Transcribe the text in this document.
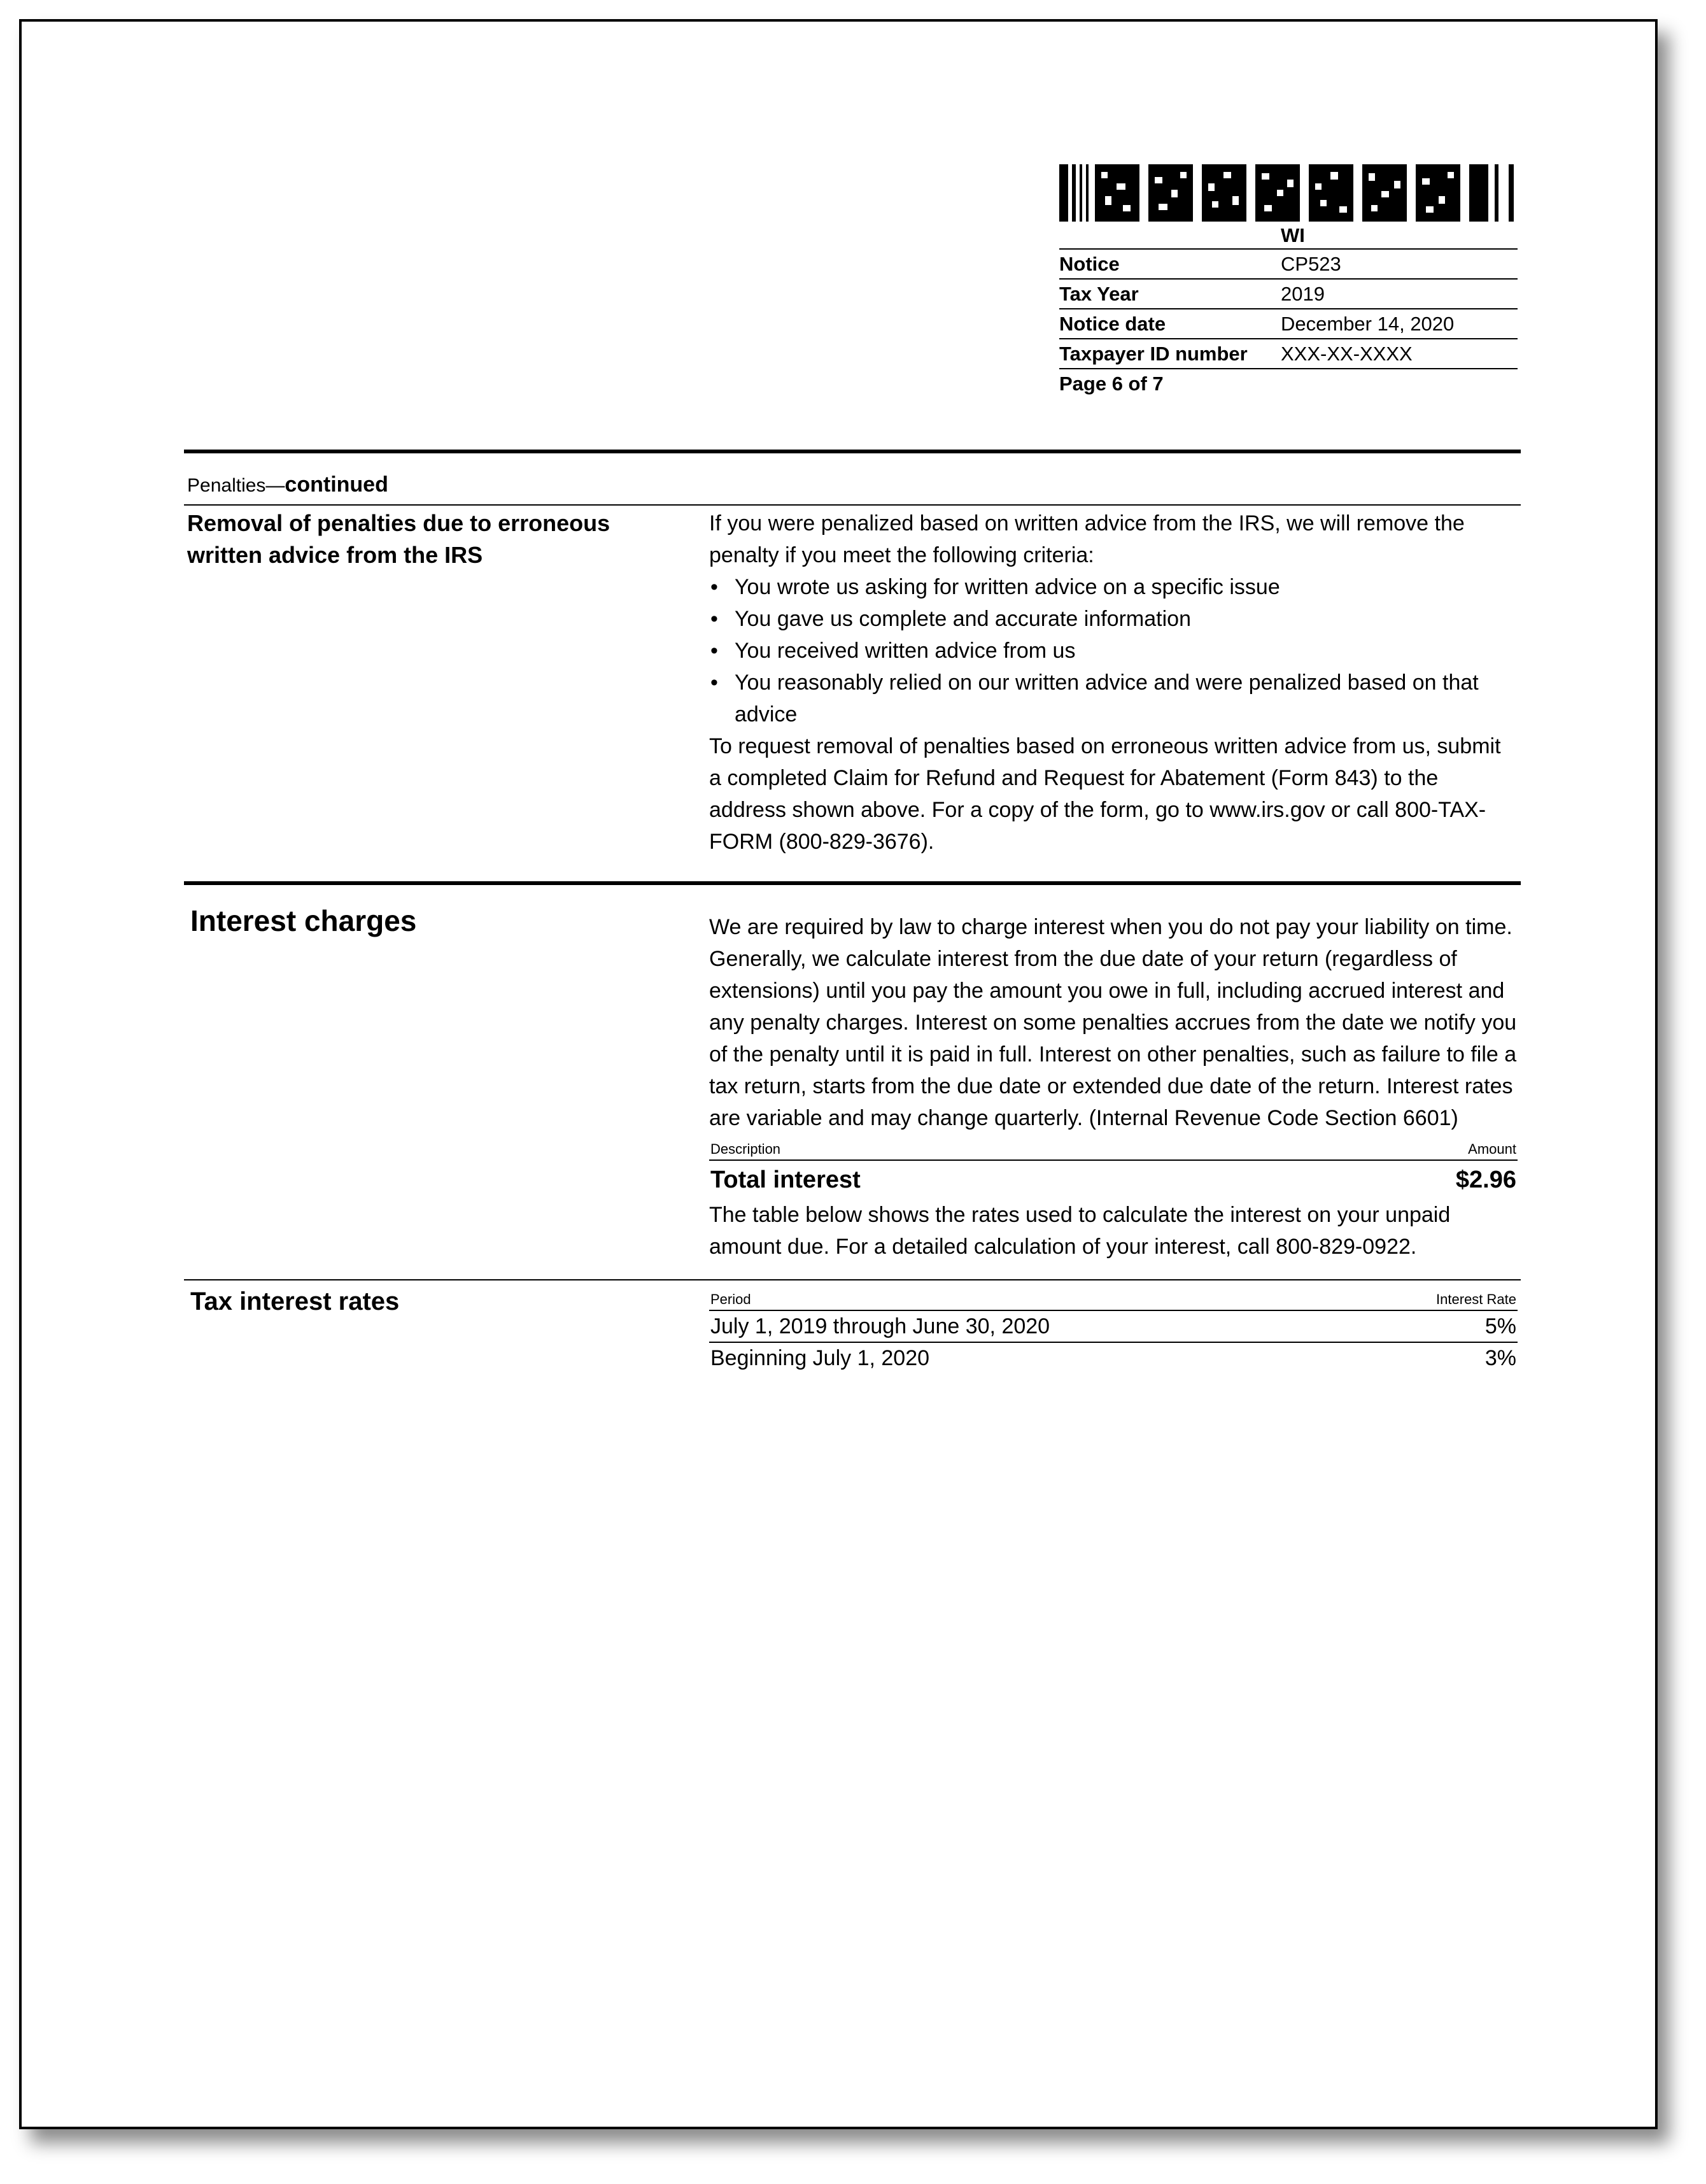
WI
Notice	CP523
Tax Year	2019
Notice date	December 14, 2020
Taxpayer ID number	XXX-XX-XXXX
Page 6 of 7
Penalties—continued
Removal of penalties due to erroneous written advice from the IRS

If you were penalized based on written advice from the IRS, we will remove the penalty if you meet the following criteria:

• You wrote us asking for written advice on a specific issue
• You gave us complete and accurate information
• You received written advice from us
• You reasonably relied on our written advice and were penalized based on that advice

To request removal of penalties based on erroneous written advice from us, submit a completed Claim for Refund and Request for Abatement (Form 843) to the address shown above. For a copy of the form, go to www.irs.gov or call 800-TAX-FORM (800-829-3676).

Interest charges	We are required by law to charge interest when you do not pay your liability on time. Generally, we calculate interest from the due date of your return (regardless of extensions) until you pay the amount you owe in full, including accrued interest and any penalty charges. Interest on some penalties accrues from the date we notify you of the penalty until it is paid in full. Interest on other penalties, such as failure to file a tax return, starts from the due date or extended due date of the return. Interest rates are variable and may change quarterly. (Internal Revenue Code Section 6601)

Description	Amount
Total interest	$2.96

The table below shows the rates used to calculate the interest on your unpaid amount due. For a detailed calculation of your interest, call 800-829-0922.

Tax interest rates	Period	Interest Rate
July 1, 2019 through June 30, 2020	5%
Beginning July 1, 2020	3%
